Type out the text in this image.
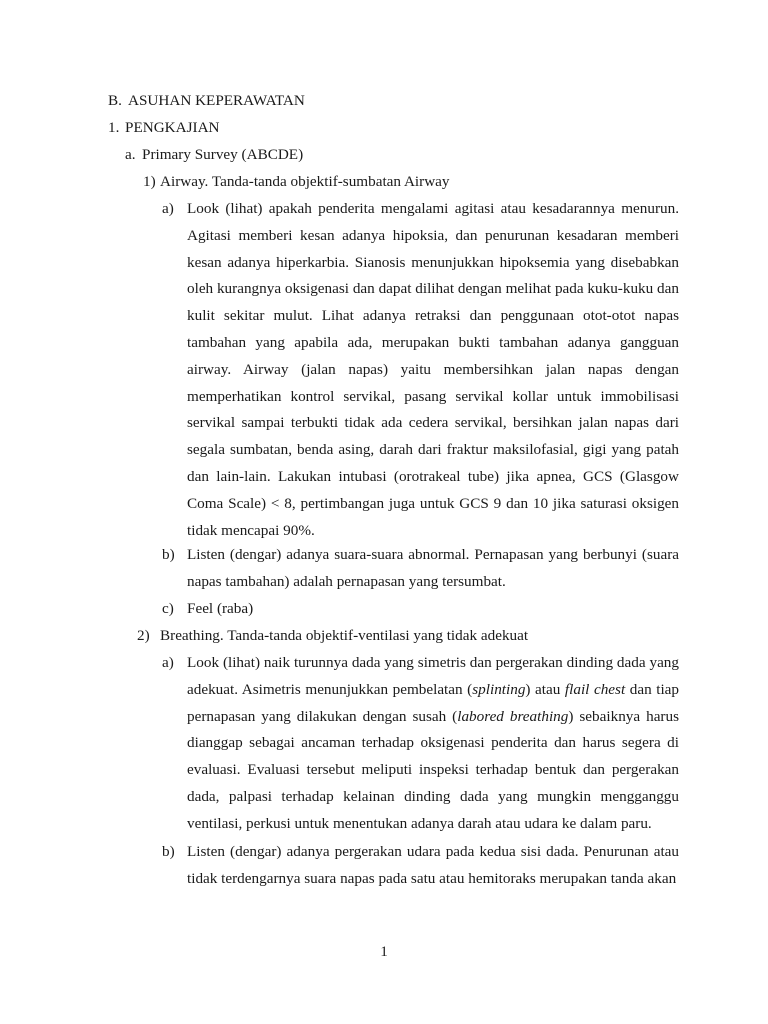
B. ASUHAN KEPERAWATAN
1. PENGKAJIAN
a. Primary Survey (ABCDE)
1) Airway. Tanda-tanda objektif-sumbatan Airway
a) Look (lihat) apakah penderita mengalami agitasi atau kesadarannya menurun. Agitasi memberi kesan adanya hipoksia, dan penurunan kesadaran memberi kesan adanya hiperkarbia. Sianosis menunjukkan hipoksemia yang disebabkan oleh kurangnya oksigenasi dan dapat dilihat dengan melihat pada kuku-kuku dan kulit sekitar mulut. Lihat adanya retraksi dan penggunaan otot-otot napas tambahan yang apabila ada, merupakan bukti tambahan adanya gangguan airway. Airway (jalan napas) yaitu membersihkan jalan napas dengan memperhatikan kontrol servikal, pasang servikal kollar untuk immobilisasi servikal sampai terbukti tidak ada cedera servikal, bersihkan jalan napas dari segala sumbatan, benda asing, darah dari fraktur maksilofasial, gigi yang patah dan lain-lain. Lakukan intubasi (orotrakeal tube) jika apnea, GCS (Glasgow Coma Scale) < 8, pertimbangan juga untuk GCS 9 dan 10 jika saturasi oksigen tidak mencapai 90%.

b) Listen (dengar) adanya suara-suara abnormal. Pernapasan yang berbunyi (suara napas tambahan) adalah pernapasan yang tersumbat.

c) Feel (raba)
2) Breathing. Tanda-tanda objektif-ventilasi yang tidak adekuat
a) Look (lihat) naik turunnya dada yang simetris dan pergerakan dinding dada yang adekuat. Asimetris menunjukkan pembelatan (splinting) atau flail chest dan tiap pernapasan yang dilakukan dengan susah (labored breathing) sebaiknya harus dianggap sebagai ancaman terhadap oksigenasi penderita dan harus segera di evaluasi. Evaluasi tersebut meliputi inspeksi terhadap bentuk dan pergerakan dada, palpasi terhadap kelainan dinding dada yang mungkin mengganggu ventilasi, perkusi untuk menentukan adanya darah atau udara ke dalam paru.

b) Listen (dengar) adanya pergerakan udara pada kedua sisi dada. Penurunan atau tidak terdengarnya suara napas pada satu atau hemitoraks merupakan tanda akan

1
